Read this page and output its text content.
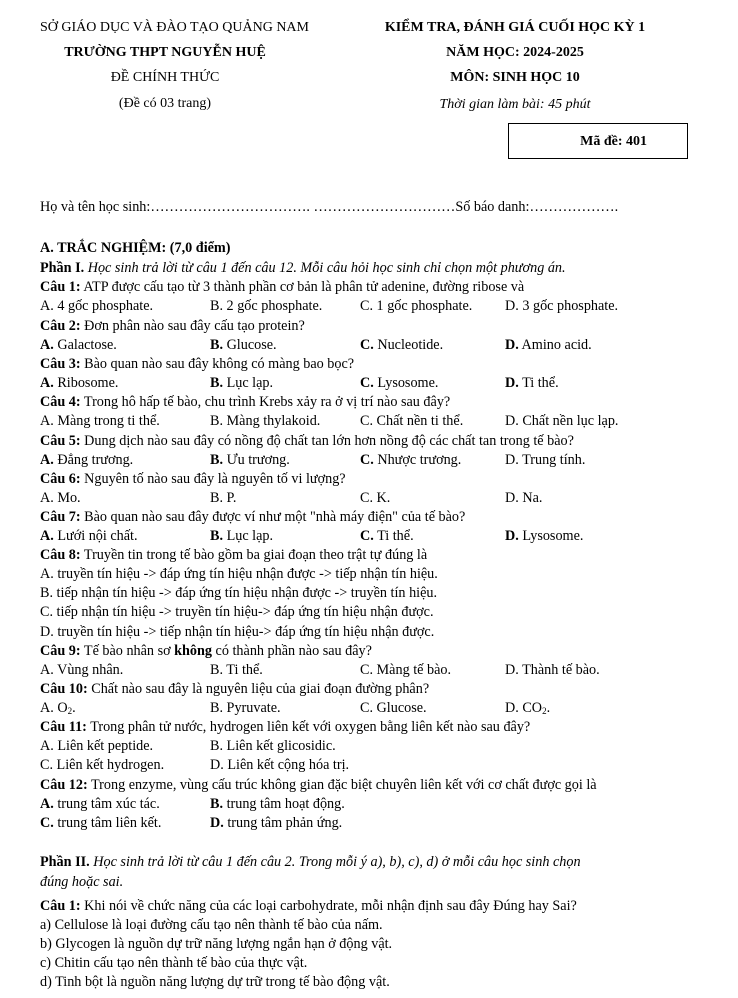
SỞ GIÁO DỤC VÀ ĐÀO TẠO QUẢNG NAM
TRƯỜNG THPT NGUYỄN HUỆ
ĐỀ CHÍNH THỨC
(Đề có 03 trang)
KIỂM TRA, ĐÁNH GIÁ CUỐI HỌC KỲ 1
NĂM HỌC: 2024-2025
MÔN: SINH HỌC 10
Thời gian làm bài: 45 phút
Mã đề: 401
Họ và tên học sinh:……………………………. …………………………Số báo danh:……………….
A. TRẮC NGHIỆM: (7,0 điểm)
Phần I. Học sinh trả lời từ câu 1 đến câu 12. Mỗi câu hỏi học sinh chỉ chọn một phương án.
Câu 1: ATP được cấu tạo từ 3 thành phần cơ bản là phân tử adenine, đường ribose và
A. 4 gốc phosphate.	B. 2 gốc phosphate.	C. 1 gốc phosphate. D. 3 gốc phosphate.
Câu 2: Đơn phân nào sau đây cấu tạo protein?
A. Galactose.	B. Glucose.	C. Nucleotide.	D. Amino acid.
Câu 3: Bào quan nào sau đây không có màng bao bọc?
A. Ribosome.	B. Lục lạp.	C. Lysosome.	D. Ti thể.
Câu 4: Trong hô hấp tế bào, chu trình Krebs xảy ra ở vị trí nào sau đây?
A. Màng trong ti thể.	B. Màng thylakoid.	C. Chất nền ti thể.	D. Chất nền lục lạp.
Câu 5: Dung dịch nào sau đây có nồng độ chất tan lớn hơn nồng độ các chất tan trong tế bào?
A. Đẳng trương.	B. Ưu trương.	C. Nhược trương.	D. Trung tính.
Câu 6: Nguyên tố nào sau đây là nguyên tố vi lượng?
A. Mo.	B. P.	C. K.	D. Na.
Câu 7: Bào quan nào sau đây được ví như một "nhà máy điện" của tế bào?
A. Lưới nội chất.	B. Lục lạp.	C. Ti thể.	D. Lysosome.
Câu 8: Truyền tin trong tế bào gồm ba giai đoạn theo trật tự đúng là
A. truyền tín hiệu -> đáp ứng tín hiệu nhận được -> tiếp nhận tín hiệu.
B. tiếp nhận tín hiệu -> đáp ứng tín hiệu nhận được -> truyền tín hiệu.
C. tiếp nhận tín hiệu -> truyền tín hiệu-> đáp ứng tín hiệu nhận được.
D. truyền tín hiệu -> tiếp nhận tín hiệu-> đáp ứng tín hiệu nhận được.
Câu 9: Tế bào nhân sơ không có thành phần nào sau đây?
A. Vùng nhân.	B. Ti thể.	C. Màng tế bào.	D. Thành tế bào.
Câu 10: Chất nào sau đây là nguyên liệu của giai đoạn đường phân?
A. $O_2$.	B. Pyruvate.	C. Glucose.	D. $CO_2$.
Câu 11: Trong phân tử nước, hydrogen liên kết với oxygen bằng liên kết nào sau đây?
A. Liên kết peptide.	B. Liên kết glicosidic.
C. Liên kết hydrogen.	D. Liên kết cộng hóa trị.
Câu 12: Trong enzyme, vùng cấu trúc không gian đặc biệt chuyên liên kết với cơ chất được gọi là
A. trung tâm xúc tác.	B. trung tâm hoạt động.
C. trung tâm liên kết.	D. trung tâm phản ứng.
Phần II. Học sinh trả lời từ câu 1 đến câu 2. Trong mỗi ý a), b), c), d) ở mỗi câu học sinh chọn
đúng hoặc sai.
Câu 1: Khi nói về chức năng của các loại carbohydrate, mỗi nhận định sau đây Đúng hay Sai?
a) Cellulose là loại đường cấu tạo nên thành tế bào của nấm.
b) Glycogen là nguồn dự trữ năng lượng ngắn hạn ở động vật.
c) Chitin cấu tạo nên thành tế bào của thực vật.
d) Tinh bột là nguồn năng lượng dự trữ trong tế bào động vật.
